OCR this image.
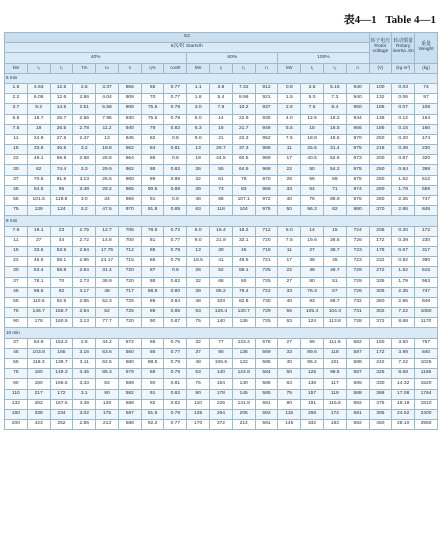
表4—1 Table 4—1
S3																转子电压 Rotor voltage	转动惯量 Rotary inertia Jm	重量 Weight
6次/时 Starts/h																		
40%								60%				100%						
kW	I₁	I₂	Tm	Io	n	η%	cosΦ	kW	I₁	I₂	n	kW	I₁	I₂	n	(V)	(kg·m²)	(kg)
6 min																		
1.5	4.63	12.5	2.5	3.37	866	65	0.77	1.1	3.8	7.32	912	0.8	3.5	5.16	940	100	0.03	74
2.2	6.05	12.6	2.86	4.04	908	70	0.77	1.8	5.4	8.96	921	1.5	5.0	7.3	940	132	0.06	97
3.7	9.2	14.5	2.51	5.58	908	75.5	0.78	3.0	7.9	10.2	937	2.5	7.5	8.4	950	185	0.07	108
5.5	15.7	25.7	2.56	7.95	930	75.5	0.78	5.0	14	22.9	935	4.0	12.5	18.2	944	138	0.12	154
7.5	18	26.5	2.78	11.2	940	79	0.83	6.3	16	21.7	949	5.5	15	16.5	956	185	0.15	160
11	24.9	27.6	2.47	13	945	82	0.8	9.0	21	22.3	952	7.5	18.8	18.5	970	250	0.20	174
15	33.8	46.5	3.2	18.8	962	84	0.81	13	29.7	37.3	968	11	25.5	31.4	975	218	0.39	230
22	49.1	69.9	2.88	26.6	964	86	0.8	19	44.5	60.5	969	17	40.5	52.6	973	200	0.67	320
30	62	74.4	3.3	29.9	962	88	0.82	26	55	64.5	968	22	50	54.2	975	250	0.84	398
37	70.5	91.5	3.13	26.5	960	89	0.89	32	61	79	970	28	55	69	975	250	1.52	512
45	84.5	95	3.48	28.2	965	90.5	0.89	39	73	83	969	33	64	71	974	290	1.78	559
55	101.5	119.8	3.0	34	969	91	0.9	48	88	107.1	972	40	76	88.9	976	280	2.35	747
75	139	124	3.2	47.5	970	91.8	0.89	63	118	104	975	50	96.3	82	980	370	2.86	848
8 min																		
7.5	19.1	23	2.75	12.7	705	78.5	0.72	6.0	16.4	18.2	712	5.0	14	15	724	205	0.20	172
11	27	44	2.72	14.8	700	81	0.77	9.0	21.9	32.1	720	7.5	19.6	26.6	726	172	0.39	230
15	33.5	53.5	2.94	17.75	712	85	0.78	13	30	46	718	11	27	38.7	723	178	0.67	317
22	46.9	59.1	2.96	24.17	715	86	0.79	18.5	41	49.5	721	17	38	45	723	232	0.82	390
30	63.4	68.8	2.64	31.4	720	87	0.8	26	52	59.1	725	22	46	49.7	729	272	1.52	515
37	78.1	70	2.73	36.9	720	88	0.82	32	68	60	725	27	60	51	729	335	1.79	563
45	96.5	92	3.17	48	717	88.8	0.80	39	86.2	79.4	722	33	76.3	67	726	305	2.35	747
55	110.5	92.5	2.85	52.3	725	89	0.84	48	103	82.8	730	40	93	68.7	732	360	2.86	848
75	146.7	156.7	2.94	62	725	89	0.85	63	126.4	130.7	729	55	105.4	104.3	731	302	7.22	1050
90	178	160.9	3.13	77.7	720	90	0.87	75	140	136	725	63	124	113.8	728	372	8.68	1170
10 min																		
37	84.9	153.2	2.8	44.2	572	86	0.76	32	77	133.4	578	27	69	111.8	582	150	3.50	767
45	103.8	165	3.16	63.6	560	86	0.77	37	90	136	569	33	89.6	118	587	172	3.98	840
55	118.3	138.7	3.11	62.5	580	88.5	0.79	48	106.6	122	585	40	95.2	101	588	242	7.22	1026
75	160	149.3	3.45	85.3	579	89	0.79	63	140	124.8	584	50	125	98.5	587	325	8.68	1156
90	180	166.6	3.33	83	589	90	0.81	75	154	140	588	63	136	117	589	330	14.32	1520
110	217	172	3.1	90	582	91	0.82	90	178	145	585	75	157	119	588	388	17.08	1764
132	262	167.5	3.48	126	588	92	0.82	110	226	141.8	591	90	191	115.6	592	475	19.18	1810
160	338	234	3.02	175	587	91.5	0.79	135	294	206	592	115	268	174	591	395	24.52	2400
200	423	252	2.85	213	588	92.2	0.77	170	372	214	591	145	332	183	592	460	28.10	2950
